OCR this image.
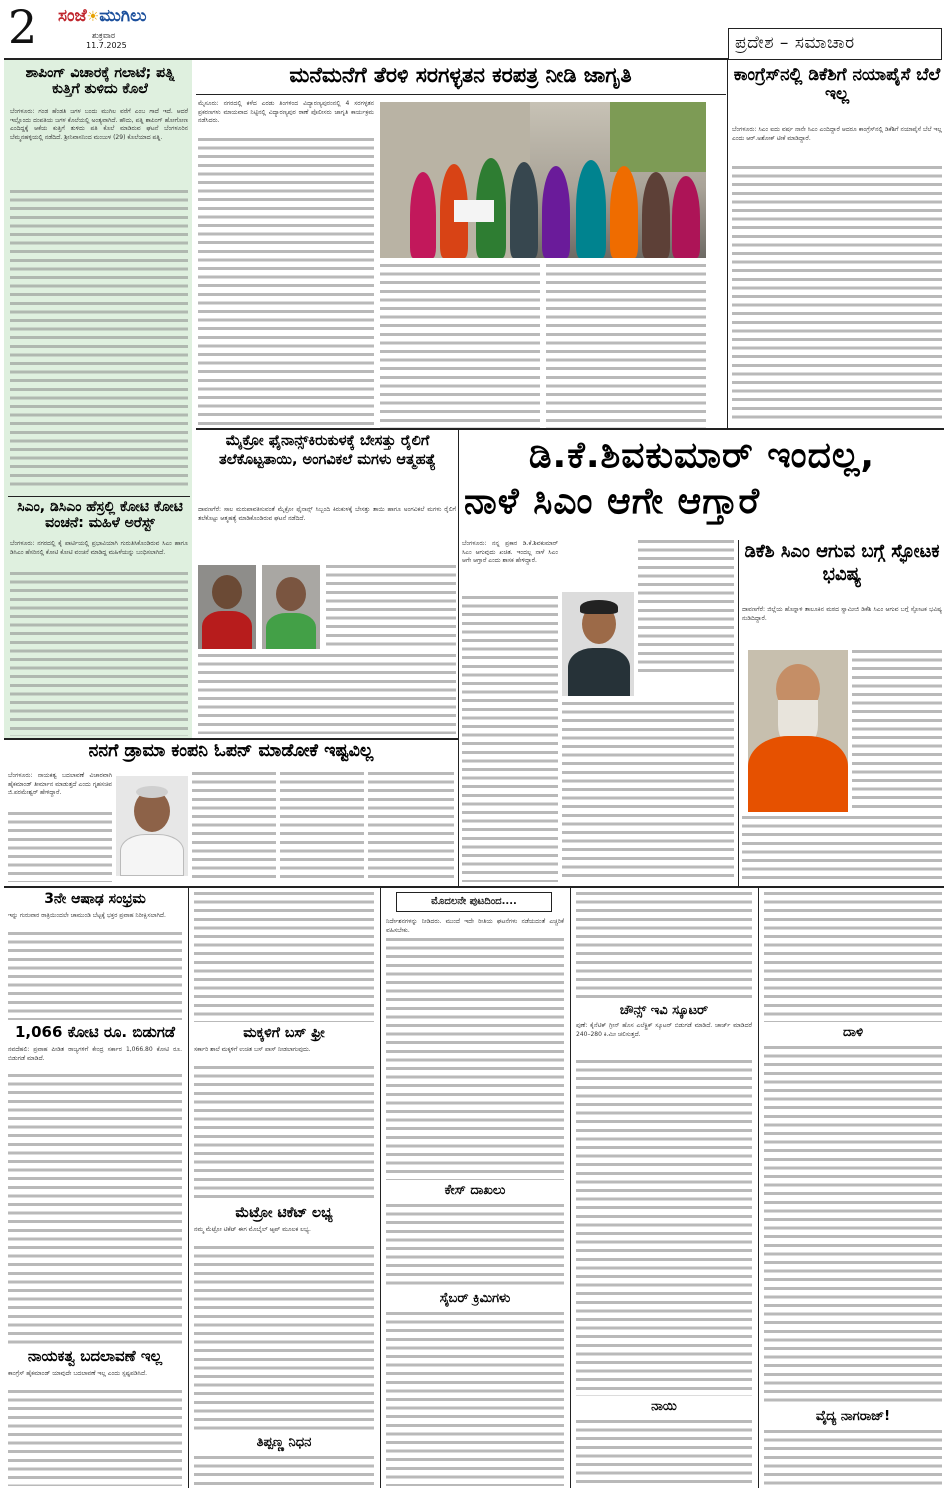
2 ಸಂಜೆ☀ಮುಗಿಲು
ಶುಕ್ರವಾರ
11.7.2025	ಪ್ರದೇಶ – ಸಮಾಚಾರ
ಶಾಪಿಂಗ್ ವಿಚಾರಕ್ಕೆ ಗಲಾಟೆ; ಪತ್ನಿ ಕುತ್ತಿಗೆ ತುಳಿದು ಕೊಲೆ
ಬೆಂಗಳೂರು: ಗಂಡ ಹೆಂಡತಿ ಜಗಳ ಬಂದು ಮುಗಿಲ ವರೆಗೆ ಎಂಬ ಗಾದೆ ಇದೆ. ಆದರೆ ಇಲ್ಲೊಂದು ದಂಪತಿಯ ಜಗಳ ಕೊಲೆಯಲ್ಲಿ ಅಂತ್ಯವಾಗಿದೆ. ಹೌದು, ಪತ್ನಿ ಶಾಪಿಂಗ್ ಹೋಗೋಣ ಎಂದಿದ್ದಕ್ಕೆ ಆಕೆಯ ಕುತ್ತಿಗೆ ತುಳಿದು ಪತಿ ಕೊಲೆ ಮಾಡಿರುವ ಘಟನೆ ಬೆಂಗಳೂರಿನ ಬೆಮ್ಮನಹಳ್ಳಿಯಲ್ಲಿ ನಡೆದಿದೆ. ಶ್ರೀನಿವಾಸನಿಂದ ಮಂಜುಳ (29) ಕೊಲೆಯಾದ ಪತ್ನಿ.
ಸಿಎಂ, ಡಿಸಿಎಂ ಹೆಸ್ರಲ್ಲಿ ಕೋಟಿ ಕೋಟಿ ವಂಚನೆ: ಮಹಿಳೆ ಅರೆಸ್ಟ್
ಬೆಂಗಳೂರು: ನಗರದಲ್ಲಿ ಕೈ ಪಾರ್ಟಿಯಲ್ಲಿ ಪ್ರಭಾವಿಯಾಗಿ ಗುರುತಿಸಿಕೊಂಡಿರುವ ಸಿಎಂ ಹಾಗೂ ಡಿಸಿಎಂ ಹೆಸರಿನಲ್ಲಿ ಕೋಟಿ ಕೋಟಿ ವಂಚನೆ ಮಾಡಿದ್ದ ಮಹಿಳೆಯನ್ನು ಬಂಧಿಸಲಾಗಿದೆ.
ಮನೆಮನೆಗೆ ತೆರಳಿ ಸರಗಳ್ಳತನ ಕರಪತ್ರ ನೀಡಿ ಜಾಗೃತಿ
ಮೈಸೂರು: ನಗರದಲ್ಲಿ ಕಳೆದ ಎರಡು ತಿಂಗಳಿಂದ ವಿದ್ಯಾರಣ್ಯಪುರಂನಲ್ಲಿ 4 ಸರಗಳ್ಳತನ ಪ್ರಕರಣಗಳು ಮಾಯವಾದ ನಿಟ್ಟಿನಲ್ಲಿ ವಿದ್ಯಾರಣ್ಯಪುರ ಠಾಣೆ ಪೊಲೀಸರು ಜಾಗೃತಿ ಕಾರ್ಯಕ್ರಮ ನಡೆಸಿದರು.
ಕಾಂಗ್ರೆಸ್‌ನಲ್ಲಿ ಡಿಕೆಶಿಗೆ ನಯಾಪೈಸೆ ಬೆಲೆ ಇಲ್ಲ
ಬೆಂಗಳೂರು: ಸಿಎಂ ಐದು ವರ್ಷ ನಾನೇ ಸಿಎಂ ಎಂದಿದ್ದಾರೆ ಆದರೂ ಕಾಂಗ್ರೆಸ್‌ನಲ್ಲಿ ಡಿಕೆಶಿಗೆ ನಯಾಪೈಸೆ ಬೆಲೆ ಇಲ್ಲ ಎಂದು ಆರ್.ಅಶೋಕ್ ಟೀಕೆ ಮಾಡಿದ್ದಾರೆ.
ಮೈಕ್ರೋ ಫೈನಾನ್ಸ್‌ಕಿರುಕುಳಕ್ಕೆ ಬೇಸತ್ತು ರೈಲಿಗೆ ತಲೆಕೊಟ್ಟತಾಯಿ, ಅಂಗವಿಕಲೆ ಮಗಳು ಆತ್ಮಹತ್ಯೆ
ದಾವಣಗೆರೆ: ಸಾಲ ಮರುಪಾವತಿಸುವಂತೆ ಮೈಕ್ರೋ ಫೈನಾನ್ಸ್ ಸಿಬ್ಬಂದಿ ಕಿರುಕುಳಕ್ಕೆ ಬೇಸತ್ತು ತಾಯಿ ಹಾಗೂ ಅಂಗವಿಕಲೆ ಮಗಳು ರೈಲಿಗೆ ತಲೆಕೊಟ್ಟು ಆತ್ಮಹತ್ಯೆ ಮಾಡಿಕೊಂಡಿರುವ ಘಟನೆ ನಡೆದಿದೆ.
ಡಿ.ಕೆ.ಶಿವಕುಮಾರ್ ಇಂದಲ್ಲ,
ನಾಳೆ ಸಿಎಂ ಆಗೇ ಆಗ್ತಾರೆ
ಬೆಂಗಳೂರು: ನನ್ನ ಪ್ರಕಾರ ಡಿ.ಕೆ.ಶಿವಕುಮಾರ್ ಸಿಎಂ ಆಗುವುದು ಖಚಿತ. ಇಂದಲ್ಲ ನಾಳೆ ಸಿಎಂ ಆಗೇ ಆಗ್ತಾರೆ ಎಂದು ಶಾಸಕ ಹೇಳಿದ್ದಾರೆ.	ಡಿಕೆಶಿ ಸಿಎಂ ಆಗುವ ಬಗ್ಗೆ ಸ್ಫೋಟಕ ಭವಿಷ್ಯ
ದಾವಣಗೆರೆ: ಜಿಲ್ಲೆಯ ಹೊನ್ನಾಳಿ ತಾಲೂಕಿನ ಮಠದ ಸ್ವಾಮೀಜಿ ಡಿಕೆಶಿ ಸಿಎಂ ಆಗುವ ಬಗ್ಗೆ ಸ್ಫೋಟಕ ಭವಿಷ್ಯ ನುಡಿದಿದ್ದಾರೆ.
ನನಗೆ ಡ್ರಾಮಾ ಕಂಪನಿ ಓಪನ್ ಮಾಡೋಕೆ ಇಷ್ಟವಿಲ್ಲ
ಬೆಂಗಳೂರು: ನಾಯಕತ್ವ ಬದಲಾವಣೆ ವಿಚಾರವಾಗಿ ಹೈಕಮಾಂಡ್ ತೀರ್ಮಾನ ಮಾಡುತ್ತದೆ ಎಂದು ಗೃಹಸಚಿವ ಜಿ.ಪರಮೇಶ್ವರ್ ಹೇಳಿದ್ದಾರೆ.
3ನೇ ಆಷಾಢ ಸಂಭ್ರಮ
ಇನ್ನು ಗುರುವಾರ ರಾತ್ರಿಯಿಂದಲೇ ಚಾಮುಂಡಿ ಬೆಟ್ಟಕ್ಕೆ ಭಕ್ತರ ಪ್ರವಾಹ ನಿರೀಕ್ಷಿಸಲಾಗಿದೆ.
1,066 ಕೋಟಿ ರೂ. ಬಿಡುಗಡೆ
ನವದೆಹಲಿ: ಪ್ರವಾಹ ಪೀಡಿತ ರಾಜ್ಯಗಳಿಗೆ ಕೇಂದ್ರ ಸರ್ಕಾರ 1,066.80 ಕೋಟಿ ರೂ. ಬಿಡುಗಡೆ ಮಾಡಿದೆ.
ನಾಯಕತ್ವ ಬದಲಾವಣೆ ಇಲ್ಲ
ಕಾಂಗ್ರೆಸ್ ಹೈಕಮಾಂಡ್ ಯಾವುದೇ ಬದಲಾವಣೆ ಇಲ್ಲ ಎಂದು ಸ್ಪಷ್ಟಪಡಿಸಿದೆ.
ಮಕ್ಕಳಿಗೆ ಬಸ್ ಫ್ರೀ
ಸರ್ಕಾರಿ ಶಾಲೆ ಮಕ್ಕಳಿಗೆ ಉಚಿತ ಬಸ್ ಪಾಸ್ ನೀಡಲಾಗುವುದು.
ಮೆಟ್ರೋ ಟಿಕೆಟ್ ಲಭ್ಯ
ನಮ್ಮ ಮೆಟ್ರೋ ಟಿಕೆಟ್ ಈಗ ಮೊಬೈಲ್ ಆ್ಯಪ್ ಮೂಲಕ ಲಭ್ಯ.
ತಿಪ್ಪಣ್ಣ ನಿಧನ
ಮೊದಲನೇ ಪುಟದಿಂದ....
ನಿರ್ದೇಶನಗಳನ್ನು ನೀಡಿದರು. ಮುಂದೆ ಇದೇ ರೀತಿಯ ಘಟನೆಗಳು ನಡೆಯದಂತೆ ಎಚ್ಚರಿಕೆ ವಹಿಸಬೇಕು.
ಕೇಸ್ ದಾಖಲು
ಸೈಬರ್ ಕ್ರಿಮಿಗಳು
ಚೌನ್ಸ್ ಇವಿ ಸ್ಕೂಟರ್
ಪುಣೆ: ಕೈನೆಟಿಕ್ ಗ್ರೀನ್ ಹೊಸ ಎಲೆಕ್ಟ್ರಿಕ್ ಸ್ಕೂಟರ್ ಬಿಡುಗಡೆ ಮಾಡಿದೆ. ಚಾರ್ಜ್ ಮಾಡಿದರೆ 240–280 ಕಿ.ಮೀ ಚಲಿಸುತ್ತದೆ.
ನಾಯಿ
ದಾಳಿ
ವೈದ್ಯ ನಾಗರಾಜ್!
